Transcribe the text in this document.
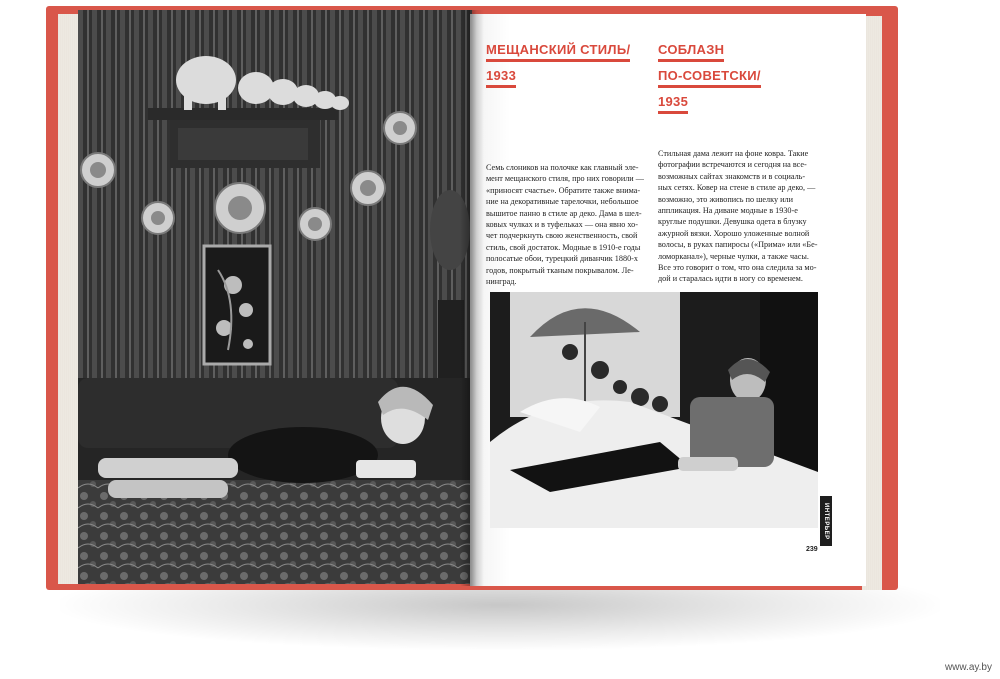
МЕЩАНСКИЙ СТИЛЬ/
1933
СОБЛАЗН
ПО-СОВЕТСКИ/
1935
Семь слоников на полочке как главный эле-
мент мещанского стиля, про них говорили —
«приносят счастье». Обратите также внима-
ние на декоративные тарелочки, небольшое
вышитое панно в стиле ар деко. Дама в шел-
ковых чулках и в туфельках — она явно хо-
чет подчеркнуть свою женственность, свой
стиль, свой достаток. Модные в 1910-е годы
полосатые обои, турецкий диванчик 1880-х
годов, покрытый тканым покрывалом. Ле-
нинград.
Стильная дама лежит на фоне ковра. Такие
фотографии встречаются и сегодня на все-
возможных сайтах знакомств и в социаль-
ных сетях. Ковер на стене в стиле ар деко, —
возможно, это живопись по шелку или
аппликация. На диване модные в 1930-е
круглые подушки. Девушка одета в блузку
ажурной вязки. Хорошо уложенные волной
волосы, в руках папиросы («Прима» или «Бе-
ломорканал»), черные чулки, а также часы.
Все это говорит о том, что она следила за мо-
дой и старалась идти в ногу со временем.
ИНТЕРЬЕР
239
www.ay.by
